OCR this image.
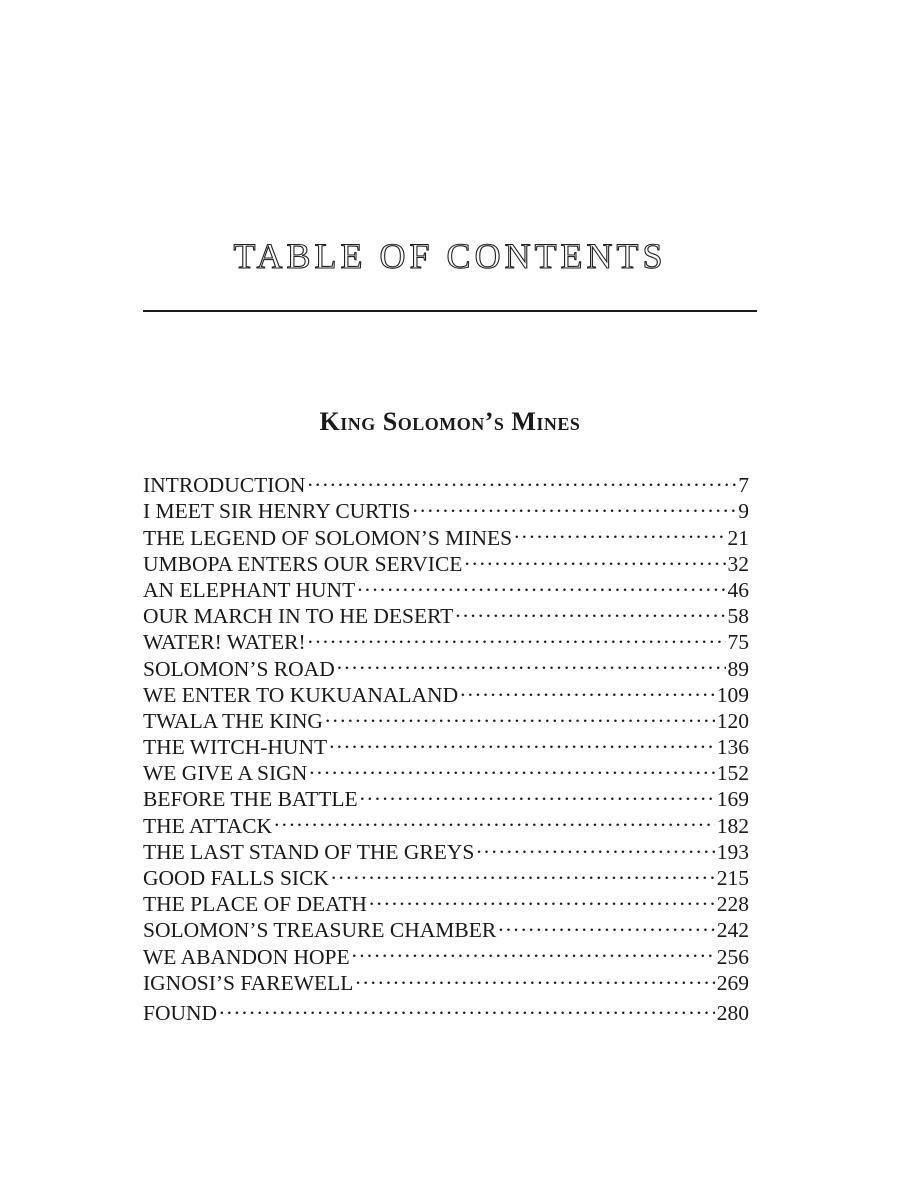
TABLE OF CONTENTS
King Solomon’s Mines
INTRODUCTION .....	7
I MEET SIR HENRY CURTIS .....	9
THE LEGEND OF SOLOMON’S MINES .....	21
UMBOPA ENTERS OUR SERVICE .....	32
AN ELEPHANT HUNT .....	46
OUR MARCH IN TO HE DESERT .....	58
WATER! WATER! .....	75
SOLOMON’S ROAD .....	89
WE ENTER TO KUKUANALAND .....	109
TWALA THE KING .....	120
THE WITCH-HUNT .....	136
WE GIVE A SIGN .....	152
BEFORE THE BATTLE .....	169
THE ATTACK .....	182
THE LAST STAND OF THE GREYS .....	193
GOOD FALLS SICK .....	215
THE PLACE OF DEATH .....	228
SOLOMON’S TREASURE CHAMBER .....	242
WE ABANDON HOPE .....	256
IGNOSI’S FAREWELL .....	269
FOUND .....	280
